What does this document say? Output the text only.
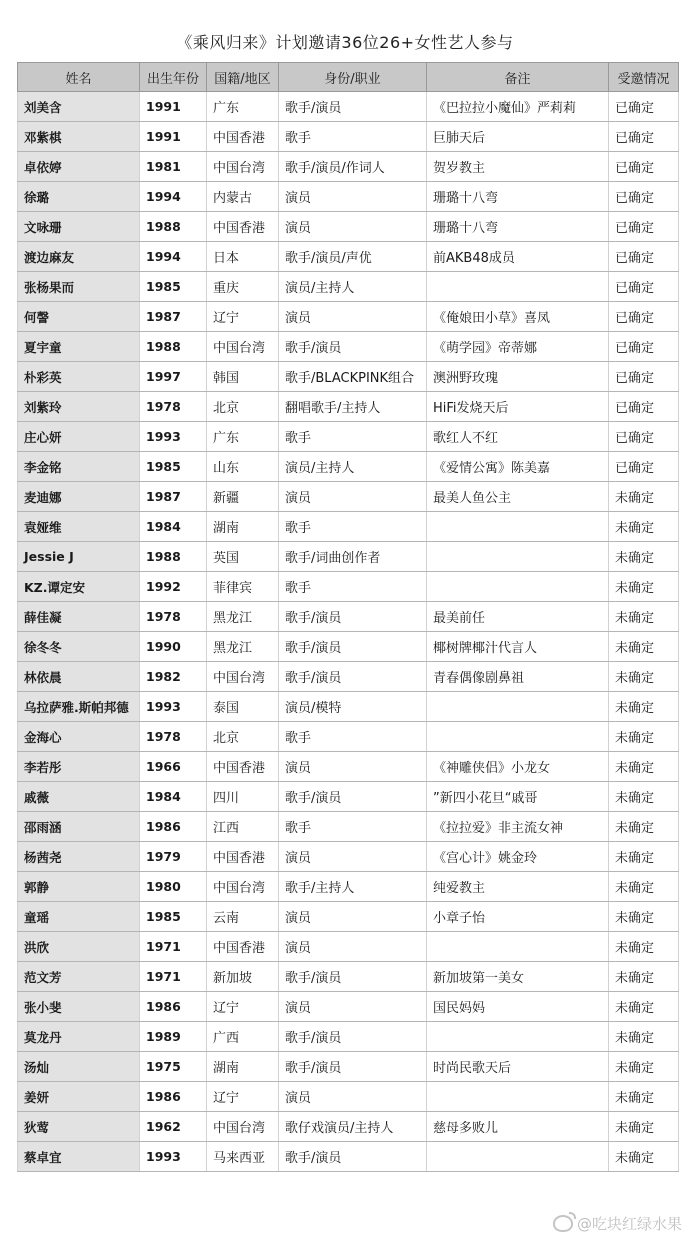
《乘风归来》计划邀请36位26+女性艺人参与
姓名	出生年份	国籍/地区	身份/职业	备注	受邀情况
刘美含	1991	广东	歌手/演员	《巴拉拉小魔仙》严莉莉	已确定
邓紫棋	1991	中国香港	歌手	巨肺天后	已确定
卓依婷	1981	中国台湾	歌手/演员/作词人	贺岁教主	已确定
徐璐	1994	内蒙古	演员	珊璐十八弯	已确定
文咏珊	1988	中国香港	演员	珊璐十八弯	已确定
渡边麻友	1994	日本	歌手/演员/声优	前AKB48成员	已确定
张杨果而	1985	重庆	演员/主持人		已确定
何謦	1987	辽宁	演员	《俺娘田小草》喜凤	已确定
夏宇童	1988	中国台湾	歌手/演员	《萌学园》帝蒂娜	已确定
朴彩英	1997	韩国	歌手/BLACKPINK组合	澳洲野玫瑰	已确定
刘紫玲	1978	北京	翻唱歌手/主持人	HiFi发烧天后	已确定
庄心妍	1993	广东	歌手	歌红人不红	已确定
李金铭	1985	山东	演员/主持人	《爱情公寓》陈美嘉	已确定
麦迪娜	1987	新疆	演员	最美人鱼公主	未确定
袁娅维	1984	湖南	歌手		未确定
Jessie J	1988	英国	歌手/词曲创作者		未确定
KZ.谭定安	1992	菲律宾	歌手		未确定
薛佳凝	1978	黑龙江	歌手/演员	最美前任	未确定
徐冬冬	1990	黑龙江	歌手/演员	椰树牌椰汁代言人	未确定
林依晨	1982	中国台湾	歌手/演员	青春偶像剧鼻祖	未确定
乌拉萨雅.斯帕邦德	1993	泰国	演员/模特		未确定
金海心	1978	北京	歌手		未确定
李若彤	1966	中国香港	演员	《神雕侠侣》小龙女	未确定
戚薇	1984	四川	歌手/演员	”新四小花旦“戚哥	未确定
邵雨涵	1986	江西	歌手	《拉拉爱》非主流女神	未确定
杨茜尧	1979	中国香港	演员	《宫心计》姚金玲	未确定
郭静	1980	中国台湾	歌手/主持人	纯爱教主	未确定
童瑶	1985	云南	演员	小章子怡	未确定
洪欣	1971	中国香港	演员		未确定
范文芳	1971	新加坡	歌手/演员	新加坡第一美女	未确定
张小斐	1986	辽宁	演员	国民妈妈	未确定
莫龙丹	1989	广西	歌手/演员		未确定
汤灿	1975	湖南	歌手/演员	时尚民歌天后	未确定
姜妍	1986	辽宁	演员		未确定
狄莺	1962	中国台湾	歌仔戏演员/主持人	慈母多败儿	未确定
蔡卓宜	1993	马来西亚	歌手/演员		未确定
@吃块红绿水果
